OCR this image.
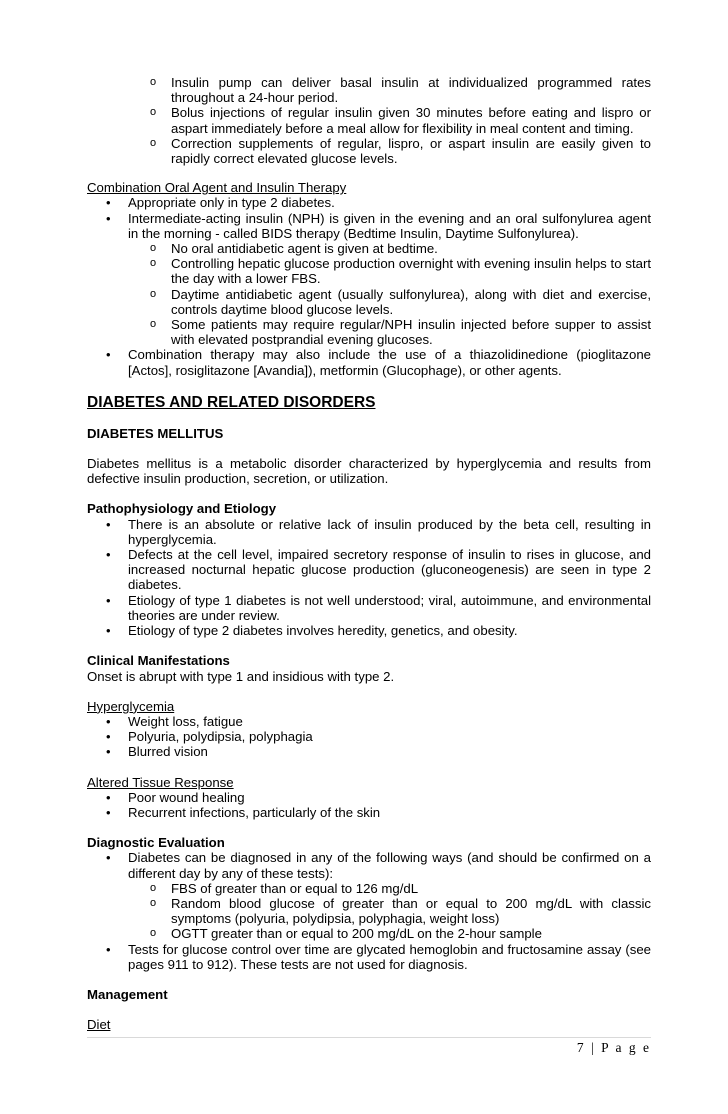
o Insulin pump can deliver basal insulin at individualized programmed rates throughout a 24-hour period.
o Bolus injections of regular insulin given 30 minutes before eating and lispro or aspart immediately before a meal allow for flexibility in meal content and timing.
o Correction supplements of regular, lispro, or aspart insulin are easily given to rapidly correct elevated glucose levels.

Combination Oral Agent and Insulin Therapy

• Appropriate only in type 2 diabetes.
• Intermediate-acting insulin (NPH) is given in the evening and an oral sulfonylurea agent in the morning - called BIDS therapy (Bedtime Insulin, Daytime Sulfonylurea).
o No oral antidiabetic agent is given at bedtime.
o Controlling hepatic glucose production overnight with evening insulin helps to start the day with a lower FBS.
o Daytime antidiabetic agent (usually sulfonylurea), along with diet and exercise, controls daytime blood glucose levels.
o Some patients may require regular/NPH insulin injected before supper to assist with elevated postprandial evening glucoses.
• Combination therapy may also include the use of a thiazolidinedione (pioglitazone [Actos], rosiglitazone [Avandia]), metformin (Glucophage), or other agents.

DIABETES AND RELATED DISORDERS

DIABETES MELLITUS

Diabetes mellitus is a metabolic disorder characterized by hyperglycemia and results from defective insulin production, secretion, or utilization.

Pathophysiology and Etiology

• There is an absolute or relative lack of insulin produced by the beta cell, resulting in hyperglycemia.
• Defects at the cell level, impaired secretory response of insulin to rises in glucose, and increased nocturnal hepatic glucose production (gluconeogenesis) are seen in type 2 diabetes.
• Etiology of type 1 diabetes is not well understood; viral, autoimmune, and environmental theories are under review.
• Etiology of type 2 diabetes involves heredity, genetics, and obesity.

Clinical Manifestations

Onset is abrupt with type 1 and insidious with type 2.

Hyperglycemia

• Weight loss, fatigue
• Polyuria, polydipsia, polyphagia
• Blurred vision

Altered Tissue Response

• Poor wound healing
• Recurrent infections, particularly of the skin

Diagnostic Evaluation

• Diabetes can be diagnosed in any of the following ways (and should be confirmed on a different day by any of these tests):
o FBS of greater than or equal to 126 mg/dL
o Random blood glucose of greater than or equal to 200 mg/dL with classic symptoms (polyuria, polydipsia, polyphagia, weight loss)
o OGTT greater than or equal to 200 mg/dL on the 2-hour sample
• Tests for glucose control over time are glycated hemoglobin and fructosamine assay (see pages 911 to 912). These tests are not used for diagnosis.

Management

Diet

7 | P a g e
